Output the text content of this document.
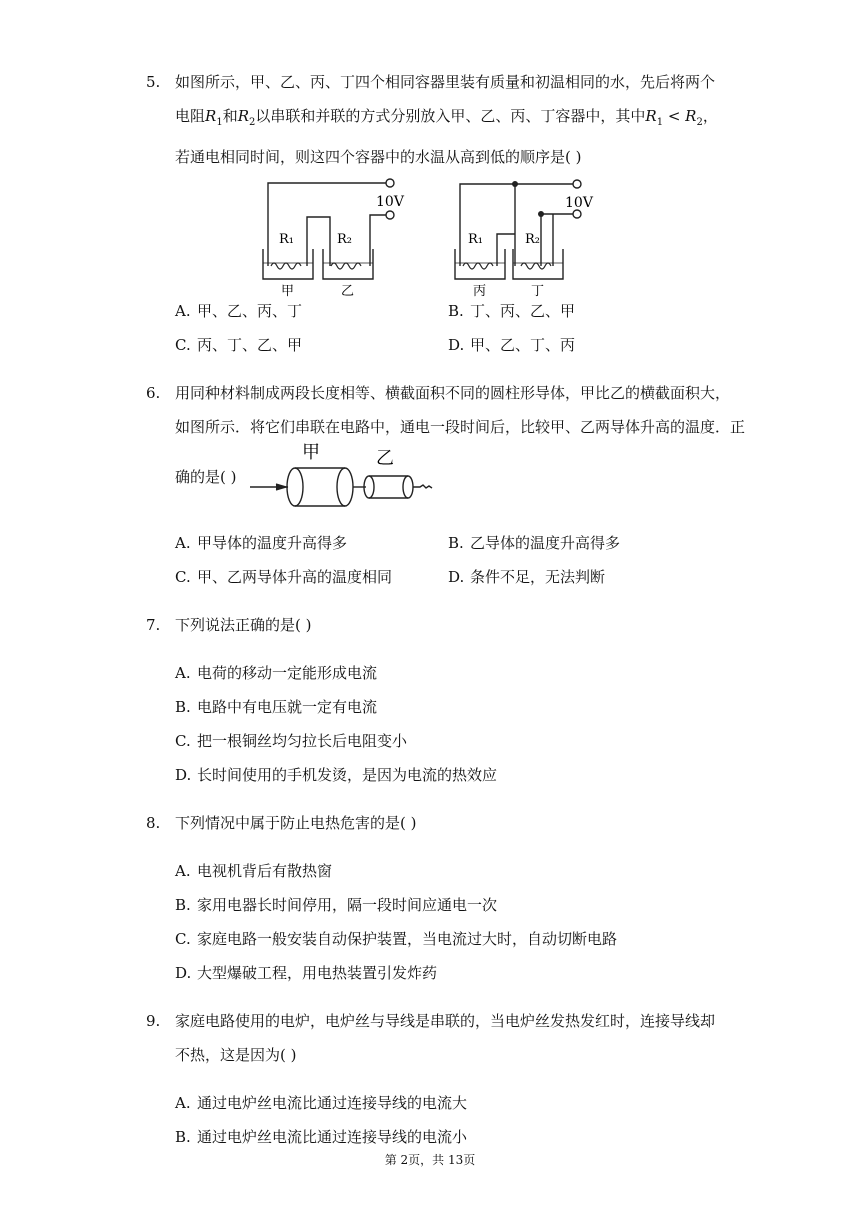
5. 如图所示，甲、乙、丙、丁四个相同容器里装有质量和初温相同的水，先后将两个
电阻$R_1$和$R_2$以串联和并联的方式分别放入甲、乙、丙、丁容器中，其中$R_1 < R_2$，
若通电相同时间，则这四个容器中的水温从高到低的顺序是( )
10V	10V
R₁	R₂	R₁	R₂
甲	乙	丙	丁
A. 甲、乙、丙、丁	B. 丁、丙、乙、甲
C. 丙、丁、乙、甲	D. 甲、乙、丁、丙
6. 用同种材料制成两段长度相等、横截面积不同的圆柱形导体，甲比乙的横截面积大，
如图所示．将它们串联在电路中，通电一段时间后，比较甲、乙两导体升高的温度．正
确的是( )
甲	乙
A. 甲导体的温度升高得多	B. 乙导体的温度升高得多
C. 甲、乙两导体升高的温度相同	D. 条件不足，无法判断
7. 下列说法正确的是( )
A. 电荷的移动一定能形成电流
B. 电路中有电压就一定有电流
C. 把一根铜丝均匀拉长后电阻变小
D. 长时间使用的手机发烫，是因为电流的热效应
8. 下列情况中属于防止电热危害的是( )
A. 电视机背后有散热窗
B. 家用电器长时间停用，隔一段时间应通电一次
C. 家庭电路一般安装自动保护装置，当电流过大时，自动切断电路
D. 大型爆破工程，用电热装置引发炸药
9. 家庭电路使用的电炉，电炉丝与导线是串联的，当电炉丝发热发红时，连接导线却
不热，这是因为( )
A. 通过电炉丝电流比通过连接导线的电流大
B. 通过电炉丝电流比通过连接导线的电流小
第 2页，共 13页
